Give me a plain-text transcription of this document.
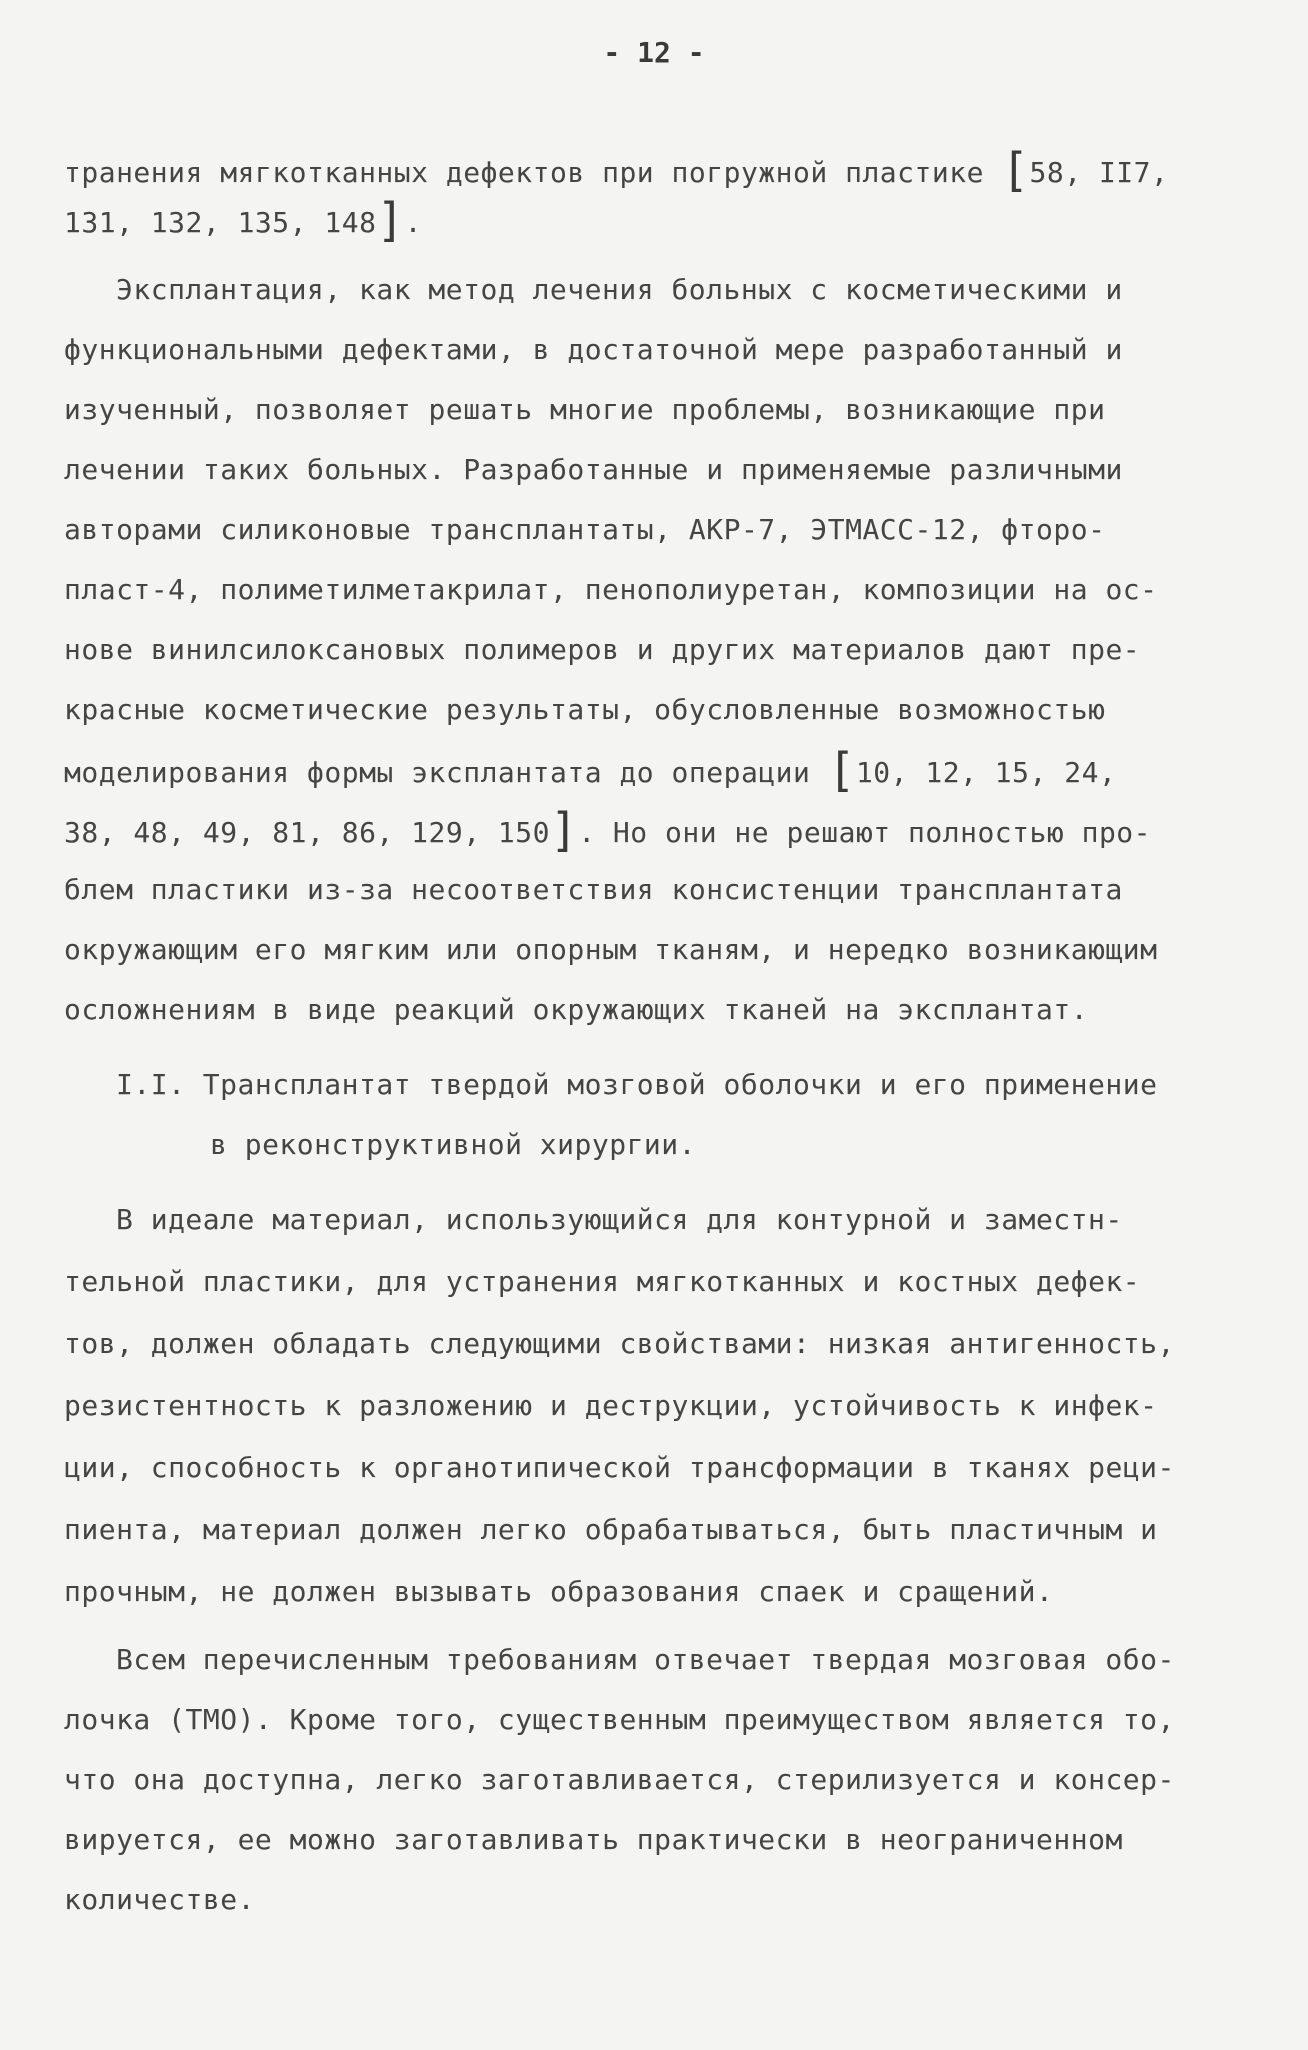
- 12 -
транения мягкотканных дефектов при погружной пластике [58, II7,
131, 132, 135, 148].
Эксплантация, как метод лечения больных с косметическими и
функциональными дефектами, в достаточной мере разработанный и
изученный, позволяет решать многие проблемы, возникающие при
лечении таких больных. Разработанные и применяемые различными
авторами силиконовые трансплантаты, АКР-7, ЭТМАСС-12, фторо-
пласт-4, полиметилметакрилат, пенополиуретан, композиции на ос-
нове винилсилоксановых полимеров и других материалов дают пре-
красные косметические результаты, обусловленные возможностью
моделирования формы эксплантата до операции [10, 12, 15, 24,
38, 48, 49, 81, 86, 129, 150]. Но они не решают полностью про-
блем пластики из-за несоответствия консистенции трансплантата
окружающим его мягким или опорным тканям, и нередко возникающим
осложнениям в виде реакций окружающих тканей на эксплантат.
I.I. Трансплантат твердой мозговой оболочки и его применение
в реконструктивной хирургии.
В идеале материал, использующийся для контурной и заместн-
тельной пластики, для устранения мягкотканных и костных дефек-
тов, должен обладать следующими свойствами: низкая антигенность,
резистентность к разложению и деструкции, устойчивость к инфек-
ции, способность к органотипической трансформации в тканях реци-
пиента, материал должен легко обрабатываться, быть пластичным и
прочным, не должен вызывать образования спаек и сращений.
Всем перечисленным требованиям отвечает твердая мозговая обо-
лочка (ТМО). Кроме того, существенным преимуществом является то,
что она доступна, легко заготавливается, стерилизуется и консер-
вируется, ее можно заготавливать практически в неограниченном
количестве.
